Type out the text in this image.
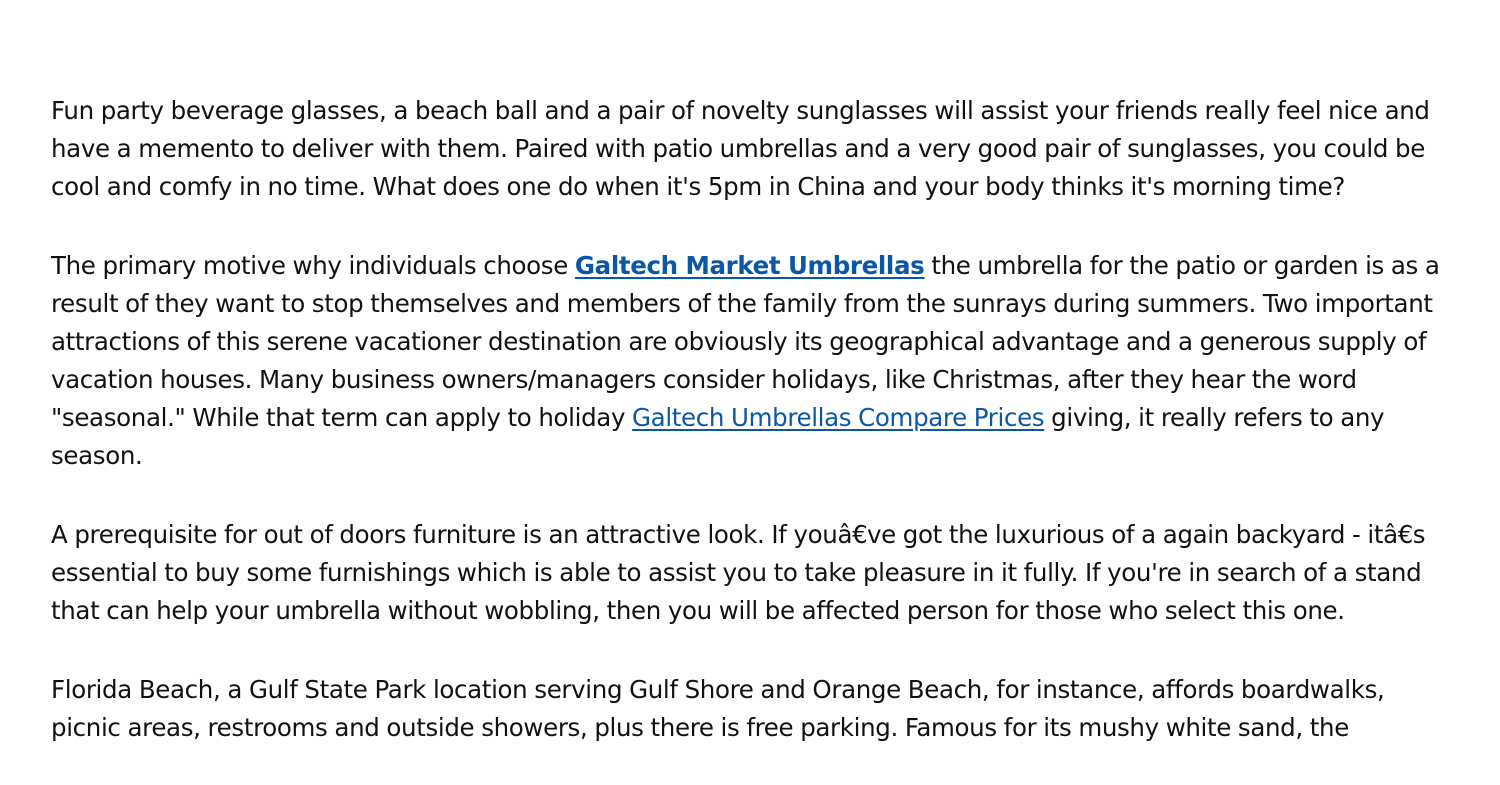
Fun party beverage glasses, a beach ball and a pair of novelty sunglasses will assist your friends really feel nice and have a memento to deliver with them. Paired with patio umbrellas and a very good pair of sunglasses, you could be cool and comfy in no time. What does one do when it's 5pm in China and your body thinks it's morning time?

The primary motive why individuals choose Galtech Market Umbrellas the umbrella for the patio or garden is as a result of they want to stop themselves and members of the family from the sunrays during summers. Two important attractions of this serene vacationer destination are obviously its geographical advantage and a generous supply of vacation houses. Many business owners/managers consider holidays, like Christmas, after they hear the word "seasonal." While that term can apply to holiday Galtech Umbrellas Compare Prices giving, it really refers to any season.

A prerequisite for out of doors furniture is an attractive look. If youâ€ve got the luxurious of a again backyard - itâ€s essential to buy some furnishings which is able to assist you to take pleasure in it fully. If you're in search of a stand that can help your umbrella without wobbling, then you will be affected person for those who select this one.

Florida Beach, a Gulf State Park location serving Gulf Shore and Orange Beach, for instance, affords boardwalks, picnic areas, restrooms and outside showers, plus there is free parking. Famous for its mushy white sand, the
